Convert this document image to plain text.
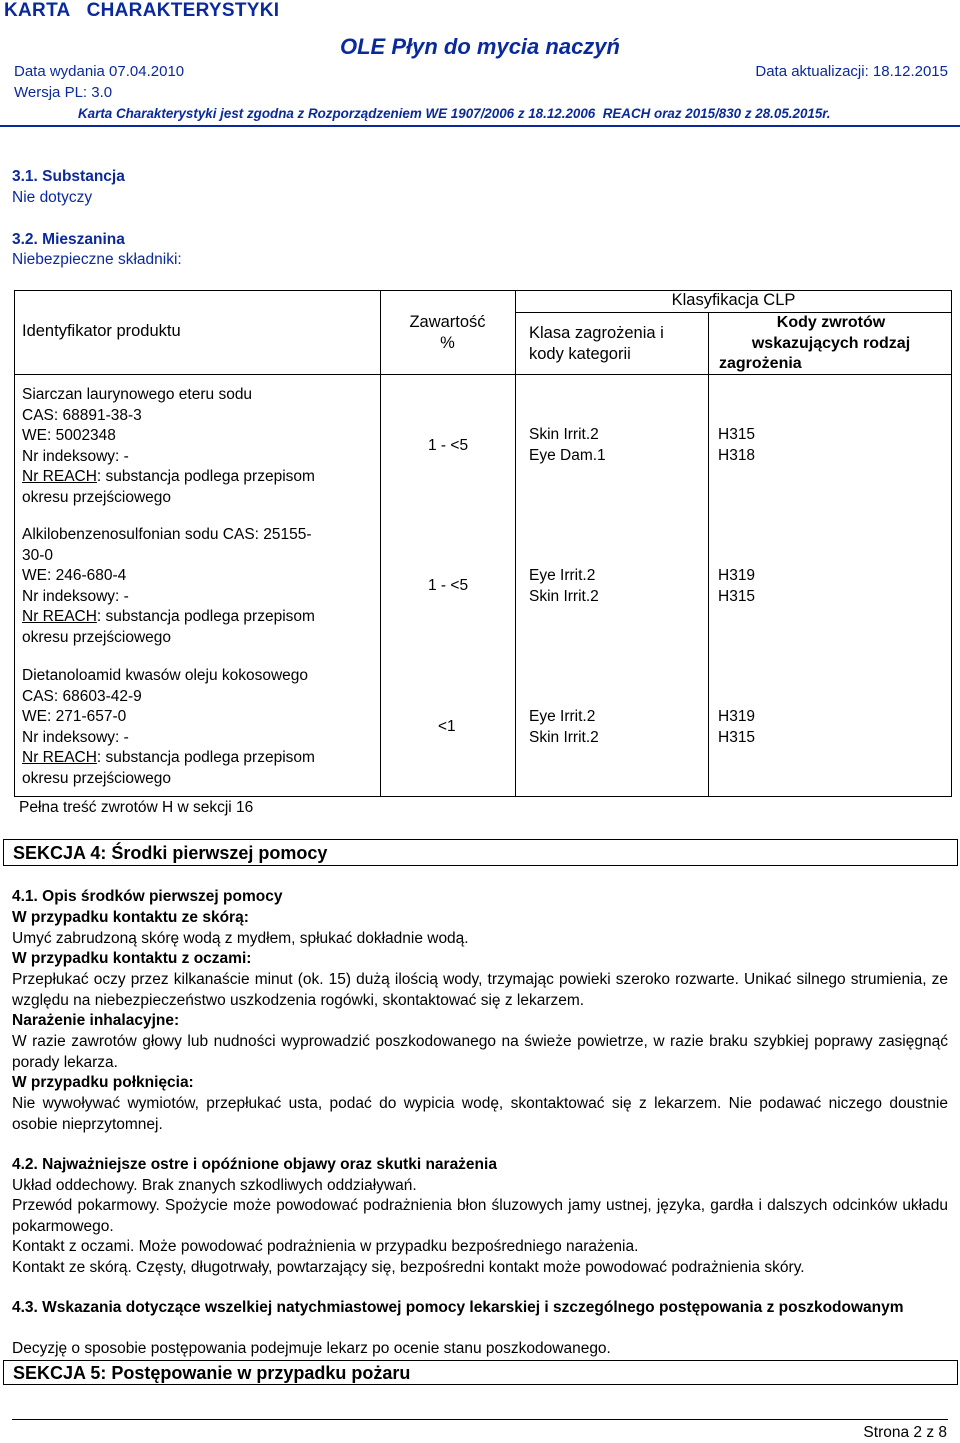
KARTA   CHARAKTERYSTYKI
OLE Płyn do mycia naczyń
Data wydania 07.04.2010	Data aktualizacji: 18.12.2015
Wersja PL: 3.0
Karta Charakterystyki jest zgodna z Rozporządzeniem WE 1907/2006 z 18.12.2006  REACH oraz 2015/830 z 28.05.2015r.
3.1. Substancja
Nie dotyczy
3.2. Mieszanina
Niebezpieczne składniki:
Identyfikator produktu	Zawartość
%
Klasyfikacja CLP
Klasa zagrożenia i
kody kategorii
Kody zwrotów
wskazujących rodzaj
zagrożenia
Siarczan laurynowego eteru sodu
CAS: 68891-38-3
WE: 5002348
Nr indeksowy: -
Nr REACH: substancja podlega przepisom
okresu przejściowego
1 - <5
Skin Irrit.2
Eye Dam.1
H315
H318
Alkilobenzenosulfonian sodu CAS: 25155-
30-0
WE: 246-680-4
Nr indeksowy: -
Nr REACH: substancja podlega przepisom
okresu przejściowego
1 - <5
Eye Irrit.2
Skin Irrit.2
H319
H315
Dietanoloamid kwasów oleju kokosowego
CAS: 68603-42-9
WE: 271-657-0
Nr indeksowy: -
Nr REACH: substancja podlega przepisom
okresu przejściowego
<1
Eye Irrit.2
Skin Irrit.2
H319
H315
Pełna treść zwrotów H w sekcji 16
SEKCJA 4: Środki pierwszej pomocy
4.1. Opis środków pierwszej pomocy
W przypadku kontaktu ze skórą:
Umyć zabrudzoną skórę wodą z mydłem, spłukać dokładnie wodą.
W przypadku kontaktu z oczami:
Przepłukać oczy przez kilkanaście minut (ok. 15) dużą ilością wody, trzymając powieki szeroko rozwarte. Unikać silnego strumienia, ze względu na niebezpieczeństwo uszkodzenia rogówki, skontaktować się z lekarzem.
Narażenie inhalacyjne:
W razie zawrotów głowy lub nudności wyprowadzić poszkodowanego na świeże powietrze, w razie braku szybkiej poprawy zasięgnąć porady lekarza.
W przypadku połknięcia:
Nie wywoływać wymiotów, przepłukać usta, podać do wypicia wodę, skontaktować się z lekarzem. Nie podawać niczego doustnie osobie nieprzytomnej.
4.2. Najważniejsze ostre i opóźnione objawy oraz skutki narażenia
Układ oddechowy. Brak znanych szkodliwych oddziaływań.
Przewód pokarmowy. Spożycie może powodować podrażnienia błon śluzowych jamy ustnej, języka, gardła i dalszych odcinków układu pokarmowego.
Kontakt z oczami. Może powodować podrażnienia w przypadku bezpośredniego narażenia.
Kontakt ze skórą. Częsty, długotrwały, powtarzający się, bezpośredni kontakt może powodować podrażnienia skóry.
4.3. Wskazania dotyczące wszelkiej natychmiastowej pomocy lekarskiej i szczególnego postępowania z poszkodowanym
Decyzję o sposobie postępowania podejmuje lekarz po ocenie stanu poszkodowanego.
SEKCJA 5: Postępowanie w przypadku pożaru
Strona 2 z 8
